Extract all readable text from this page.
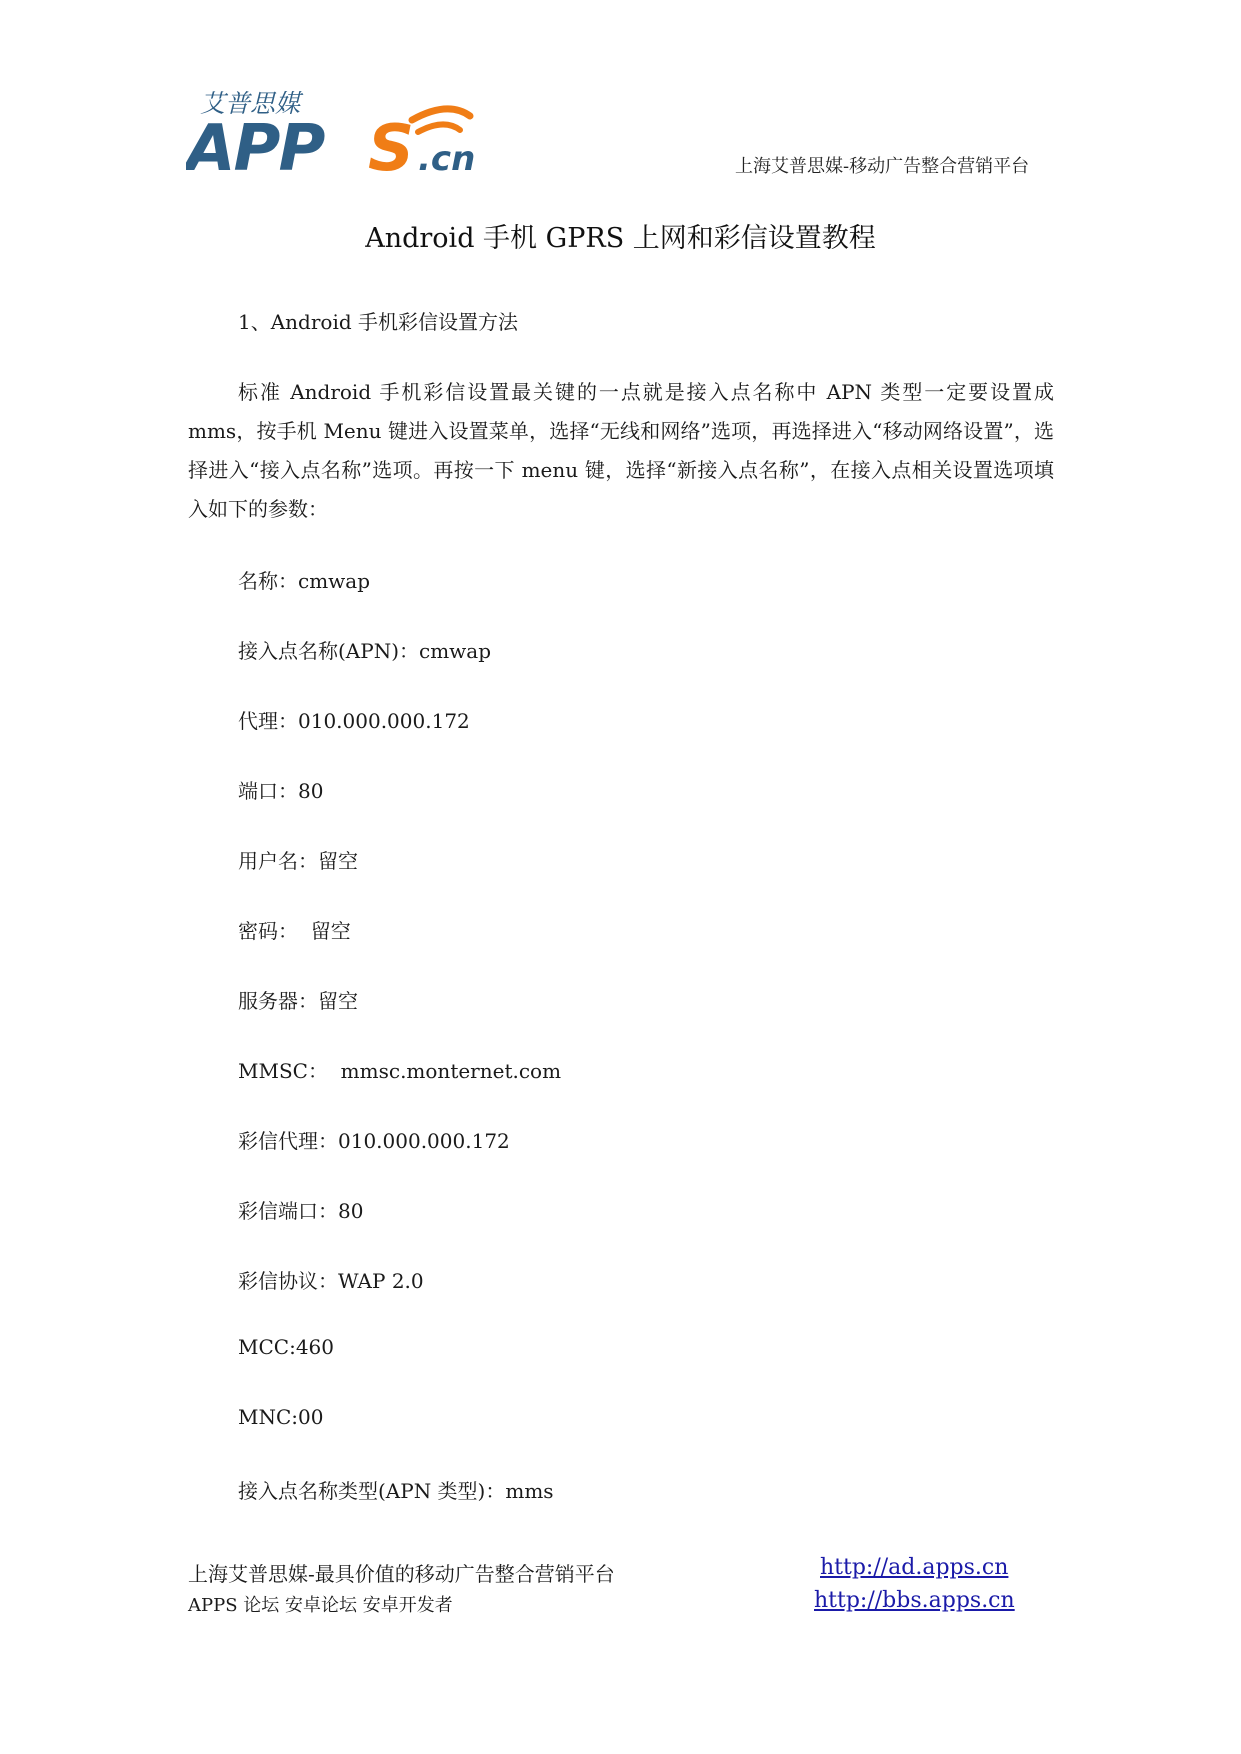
艾普思媒
APP S .cn	上海艾普思媒-移动广告整合营销平台
Android 手机 GPRS 上网和彩信设置教程
1、Android 手机彩信设置方法

标准 Android 手机彩信设置最关键的一点就是接入点名称中 APN 类型一定要设置成 mms，按手机 Menu 键进入设置菜单，选择“无线和网络”选项，再选择进入“移动网络设置”，选择进入“接入点名称”选项。再按一下 menu 键，选择“新接入点名称”，在接入点相关设置选项填入如下的参数：

名称：cmwap
接入点名称(APN)：cmwap
代理：010.000.000.172
端口：80
用户名：留空
密码：  留空
服务器：留空
MMSC：  mmsc.monternet.com
彩信代理：010.000.000.172
彩信端口：80
彩信协议：WAP 2.0
MCC:460
MNC:00
接入点名称类型(APN 类型)：mms
上海艾普思媒-最具价值的移动广告整合营销平台
APPS 论坛 安卓论坛 安卓开发者
http://ad.apps.cn
http://bbs.apps.cn
